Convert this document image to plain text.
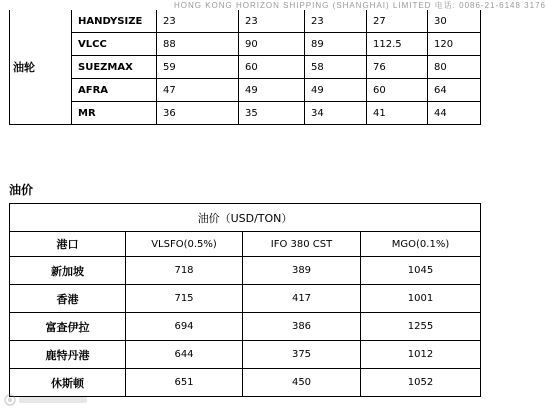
HONG KONG HORIZON SHIPPING (SHANGHAI) LIMITED 电话: 0086-21-6148 3176
油轮	HANDYSIZE	23	23	23	27	30
	VLCC	88	90	89	112.5	120
	SUEZMAX	59	60	58	76	80
	AFRA	47	49	49	60	64
	MR	36	35	34	41	44
油价
油价（USD/TON）			
港口	VLSFO(0.5%)	IFO 380 CST	MGO(0.1%)
新加坡	718	389	1045
香港	715	417	1001
富查伊拉	694	386	1255
鹿特丹港	644	375	1012
休斯顿	651	450	1052
